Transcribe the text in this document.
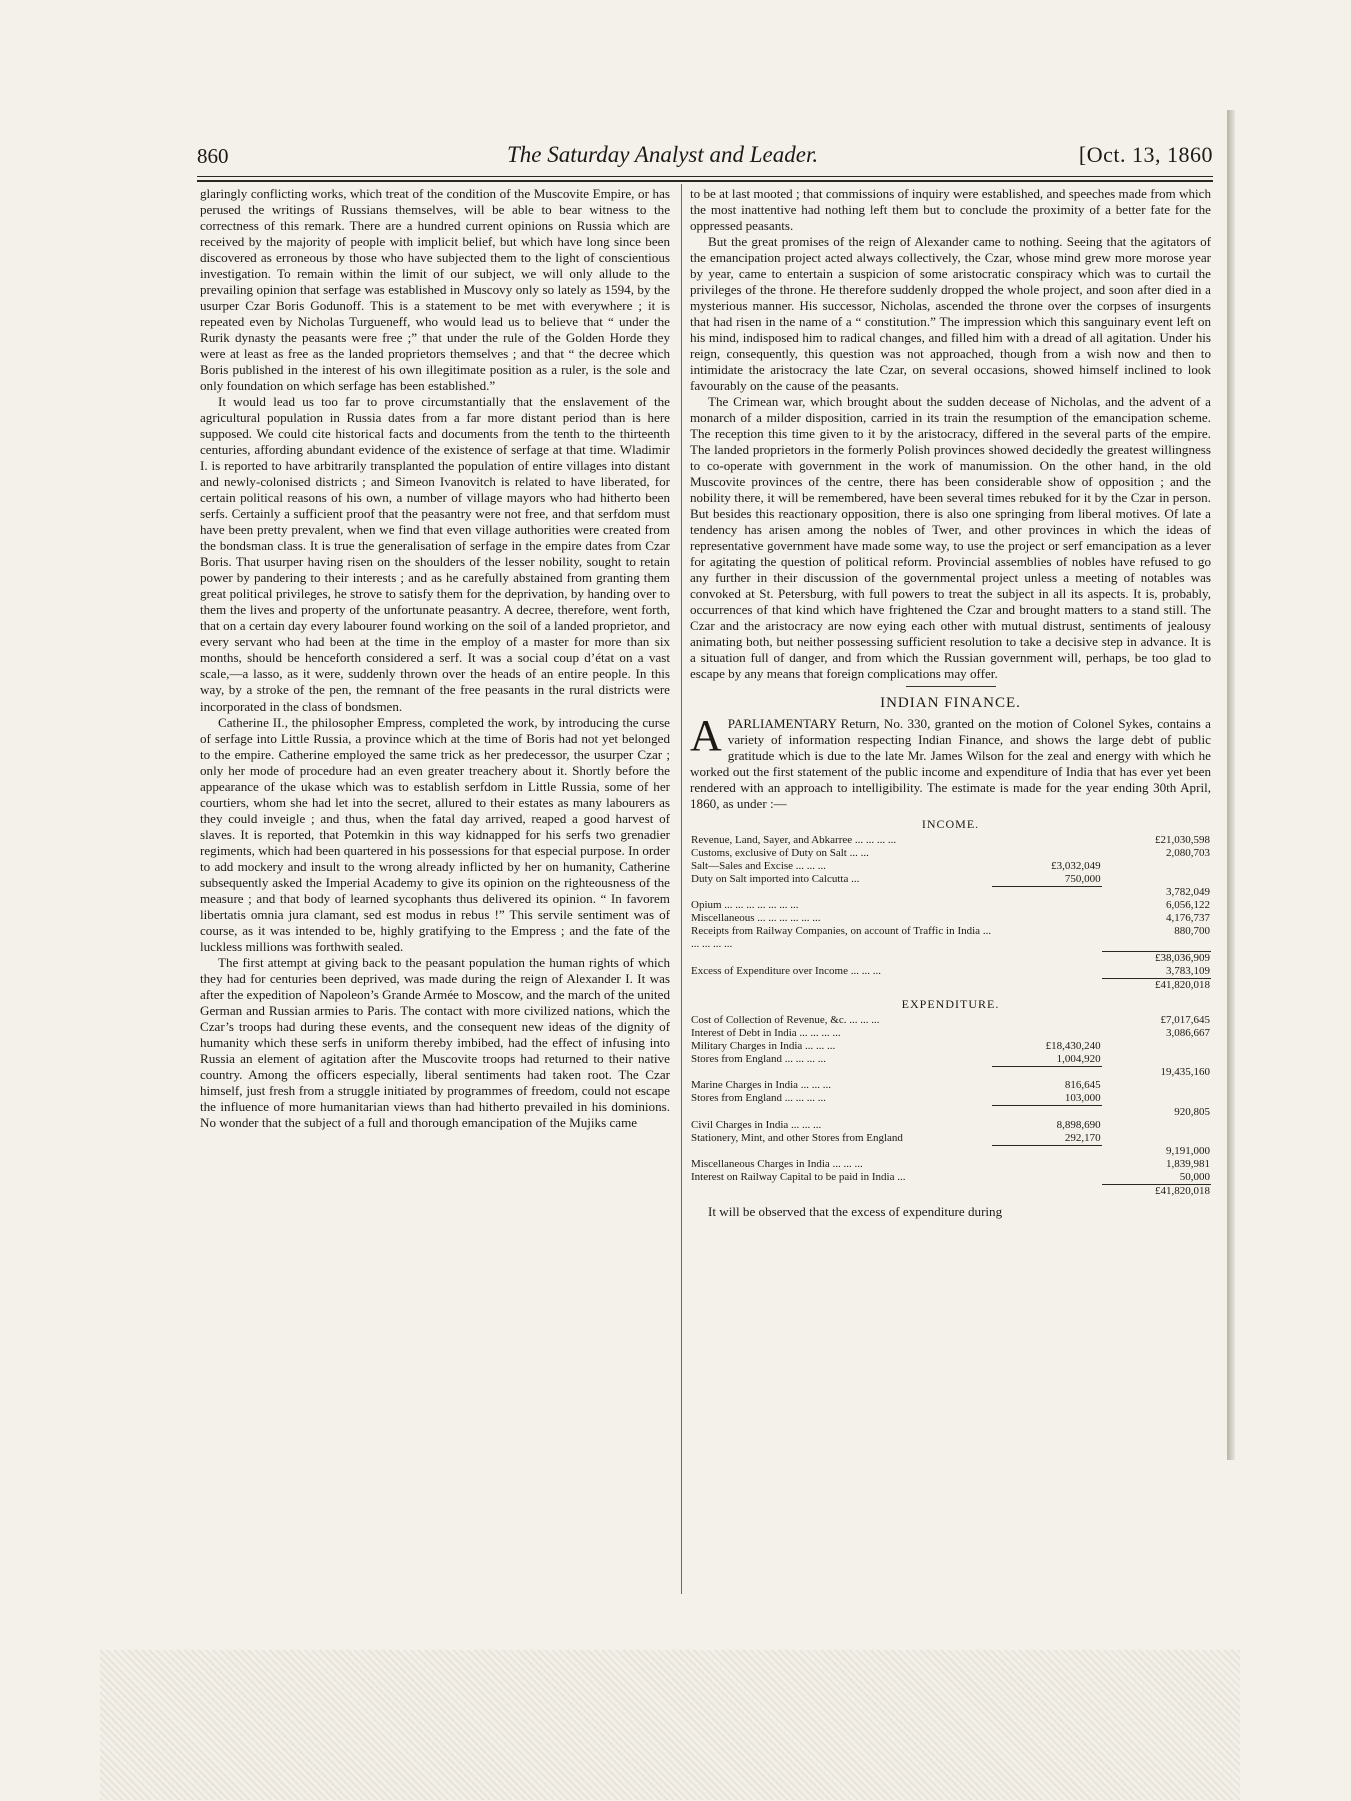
860	The Saturday Analyst and Leader.	[Oct. 13, 1860

glaringly conflicting works, which treat of the condition of the Muscovite Empire, or has perused the writings of Russians themselves, will be able to bear witness to the correctness of this remark. There are a hundred current opinions on Russia which are received by the majority of people with implicit belief, but which have long since been discovered as erroneous by those who have subjected them to the light of conscientious investigation. To remain within the limit of our subject, we will only allude to the prevailing opinion that serfage was established in Muscovy only so lately as 1594, by the usurper Czar Boris Godunoff. This is a statement to be met with everywhere ; it is repeated even by Nicholas Turgueneff, who would lead us to believe that “ under the Rurik dynasty the peasants were free ;” that under the rule of the Golden Horde they were at least as free as the landed proprietors themselves ; and that “ the decree which Boris published in the interest of his own illegitimate position as a ruler, is the sole and only foundation on which serfage has been established.”

It would lead us too far to prove circumstantially that the enslavement of the agricultural population in Russia dates from a far more distant period than is here supposed. We could cite historical facts and documents from the tenth to the thirteenth centuries, affording abundant evidence of the existence of serfage at that time. Wladimir I. is reported to have arbitrarily transplanted the population of entire villages into distant and newly-colonised districts ; and Simeon Ivanovitch is related to have liberated, for certain political reasons of his own, a number of village mayors who had hitherto been serfs. Certainly a sufficient proof that the peasantry were not free, and that serfdom must have been pretty prevalent, when we find that even village authorities were created from the bondsman class. It is true the generalisation of serfage in the empire dates from Czar Boris. That usurper having risen on the shoulders of the lesser nobility, sought to retain power by pandering to their interests ; and as he carefully abstained from granting them great political privileges, he strove to satisfy them for the deprivation, by handing over to them the lives and property of the unfortunate peasantry. A decree, therefore, went forth, that on a certain day every labourer found working on the soil of a landed proprietor, and every servant who had been at the time in the employ of a master for more than six months, should be henceforth considered a serf. It was a social coup d’état on a vast scale,—a lasso, as it were, suddenly thrown over the heads of an entire people. In this way, by a stroke of the pen, the remnant of the free peasants in the rural districts were incorporated in the class of bondsmen.

Catherine II., the philosopher Empress, completed the work, by introducing the curse of serfage into Little Russia, a province which at the time of Boris had not yet belonged to the empire. Catherine employed the same trick as her predecessor, the usurper Czar ; only her mode of procedure had an even greater treachery about it. Shortly before the appearance of the ukase which was to establish serfdom in Little Russia, some of her courtiers, whom she had let into the secret, allured to their estates as many labourers as they could inveigle ; and thus, when the fatal day arrived, reaped a good harvest of slaves. It is reported, that Potemkin in this way kidnapped for his serfs two grenadier regiments, which had been quartered in his possessions for that especial purpose. In order to add mockery and insult to the wrong already inflicted by her on humanity, Catherine subsequently asked the Imperial Academy to give its opinion on the righteousness of the measure ; and that body of learned sycophants thus delivered its opinion. “ In favorem libertatis omnia jura clamant, sed est modus in rebus !” This servile sentiment was of course, as it was intended to be, highly gratifying to the Empress ; and the fate of the luckless millions was forthwith sealed.

The first attempt at giving back to the peasant population the human rights of which they had for centuries been deprived, was made during the reign of Alexander I. It was after the expedition of Napoleon’s Grande Armée to Moscow, and the march of the united German and Russian armies to Paris. The contact with more civilized nations, which the Czar’s troops had during these events, and the consequent new ideas of the dignity of humanity which these serfs in uniform thereby imbibed, had the effect of infusing into Russia an element of agitation after the Muscovite troops had returned to their native country. Among the officers especially, liberal sentiments had taken root. The Czar himself, just fresh from a struggle initiated by programmes of freedom, could not escape the influence of more humanitarian views than had hitherto prevailed in his dominions. No wonder that the subject of a full and thorough emancipation of the Mujiks came

to be at last mooted ; that commissions of inquiry were established, and speeches made from which the most inattentive had nothing left them but to conclude the proximity of a better fate for the oppressed peasants.

But the great promises of the reign of Alexander came to nothing. Seeing that the agitators of the emancipation project acted always collectively, the Czar, whose mind grew more morose year by year, came to entertain a suspicion of some aristocratic conspiracy which was to curtail the privileges of the throne. He therefore suddenly dropped the whole project, and soon after died in a mysterious manner. His successor, Nicholas, ascended the throne over the corpses of insurgents that had risen in the name of a “ constitution.” The impression which this sanguinary event left on his mind, indisposed him to radical changes, and filled him with a dread of all agitation. Under his reign, consequently, this question was not approached, though from a wish now and then to intimidate the aristocracy the late Czar, on several occasions, showed himself inclined to look favourably on the cause of the peasants.

The Crimean war, which brought about the sudden decease of Nicholas, and the advent of a monarch of a milder disposition, carried in its train the resumption of the emancipation scheme. The reception this time given to it by the aristocracy, differed in the several parts of the empire. The landed proprietors in the formerly Polish provinces showed decidedly the greatest willingness to co-operate with government in the work of manumission. On the other hand, in the old Muscovite provinces of the centre, there has been considerable show of opposition ; and the nobility there, it will be remembered, have been several times rebuked for it by the Czar in person. But besides this reactionary opposition, there is also one springing from liberal motives. Of late a tendency has arisen among the nobles of Twer, and other provinces in which the ideas of representative government have made some way, to use the project or serf emancipation as a lever for agitating the question of political reform. Provincial assemblies of nobles have refused to go any further in their discussion of the governmental project unless a meeting of notables was convoked at St. Petersburg, with full powers to treat the subject in all its aspects. It is, probably, occurrences of that kind which have frightened the Czar and brought matters to a stand still. The Czar and the aristocracy are now eying each other with mutual distrust, sentiments of jealousy animating both, but neither possessing sufficient resolution to take a decisive step in advance. It is a situation full of danger, and from which the Russian government will, perhaps, be too glad to escape by any means that foreign complications may offer.

INDIAN FINANCE.

APARLIAMENTARY Return, No. 330, granted on the motion of Colonel Sykes, contains a variety of information respecting Indian Finance, and shows the large debt of public gratitude which is due to the late Mr. James Wilson for the zeal and energy with which he worked out the first statement of the public income and expenditure of India that has ever yet been rendered with an approach to intelligibility. The estimate is made for the year ending 30th April, 1860, as under :—

INCOME.
Revenue, Land, Sayer, and Abkarree ... ... ... ...		£21,030,598
Customs, exclusive of Duty on Salt ... ...		2,080,703
Salt—Sales and Excise ... ... ...	£3,032,049	
Duty on Salt imported into Calcutta ...	750,000	
		3,782,049
Opium ... ... ... ... ... ... ...		6,056,122
Miscellaneous ... ... ... ... ... ...		4,176,737
Receipts from Railway Companies, on account of Traffic in India ... ... ... ... ...		880,700
		£38,036,909
Excess of Expenditure over Income ... ... ...		3,783,109
		£41,820,018
EXPENDITURE.
Cost of Collection of Revenue, &c. ... ... ...		£7,017,645
Interest of Debt in India ... ... ... ...		3,086,667
Military Charges in India ... ... ...	£18,430,240	
Stores from England ... ... ... ...	1,004,920	
		19,435,160
Marine Charges in India ... ... ...	816,645	
Stores from England ... ... ... ...	103,000	
		920,805
Civil Charges in India ... ... ...	8,898,690	
Stationery, Mint, and other Stores from England	292,170	
		9,191,000
Miscellaneous Charges in India ... ... ...		1,839,981
Interest on Railway Capital to be paid in India ...		50,000
		£41,820,018

It will be observed that the excess of expenditure during
